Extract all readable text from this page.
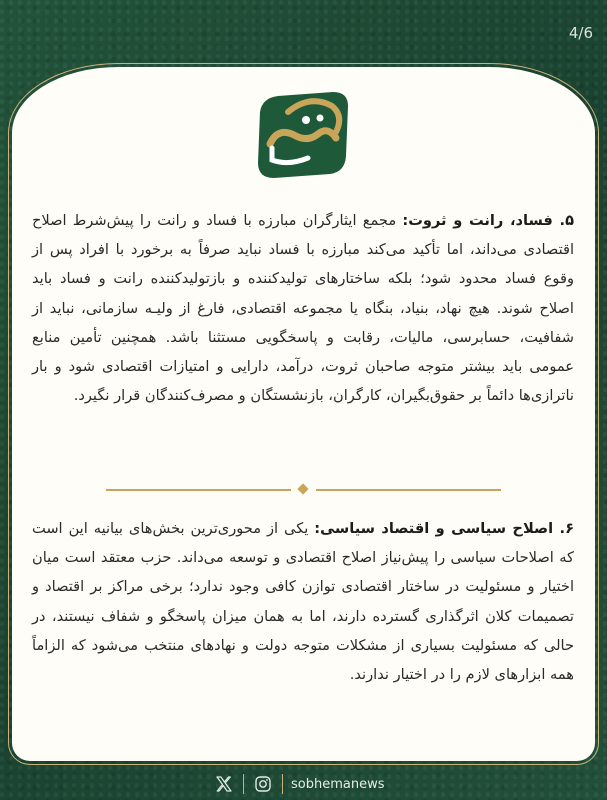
4/6
۵. فساد، رانت و ثروت: مجمع ایثارگران مبارزه با فساد و رانت را پیش‌شرط اصلاح اقتصادی می‌داند، اما تأکید می‌کند مبارزه با فساد نباید صرفاً به برخورد با افراد پس از وقوع فساد محدود شود؛ بلکه ساختارهای تولیدکننده و بازتولیدکننده رانت و فساد باید اصلاح شوند. هیچ نهاد، بنیاد، بنگاه یا مجموعه اقتصادی، فارغ از ولیـه سازمانی، نباید از شفافیت، حسابرسی، مالیات، رقابت و پاسخگویی مستثنا باشد. همچنین تأمین منابع عمومی باید بیشتر متوجه صاحبان ثروت، درآمد، دارایی و امتیازات اقتصادی شود و بار ناترازی‌ها دائماً بر حقوق‌بگیران، کارگران، بازنشستگان و مصرف‌کنندگان قرار نگیرد.
۶. اصلاح سیاسی و اقتصاد سیاسی: یکی از محوری‌ترین بخش‌های بیانیه این است که اصلاحات سیاسی را پیش‌نیاز اصلاح اقتصادی و توسعه می‌داند. حزب معتقد است میان اختیار و مسئولیت در ساختار اقتصادی توازن کافی وجود ندارد؛ برخی مراکز بر اقتصاد و تصمیمات کلان اثرگذاری گسترده دارند، اما به همان میزان پاسخگو و شفاف نیستند، در حالی که مسئولیت بسیاری از مشکلات متوجه دولت و نهادهای منتخب می‌شود که الزاماً همه ابزارهای لازم را در اختیار ندارند.
sobhemanews
